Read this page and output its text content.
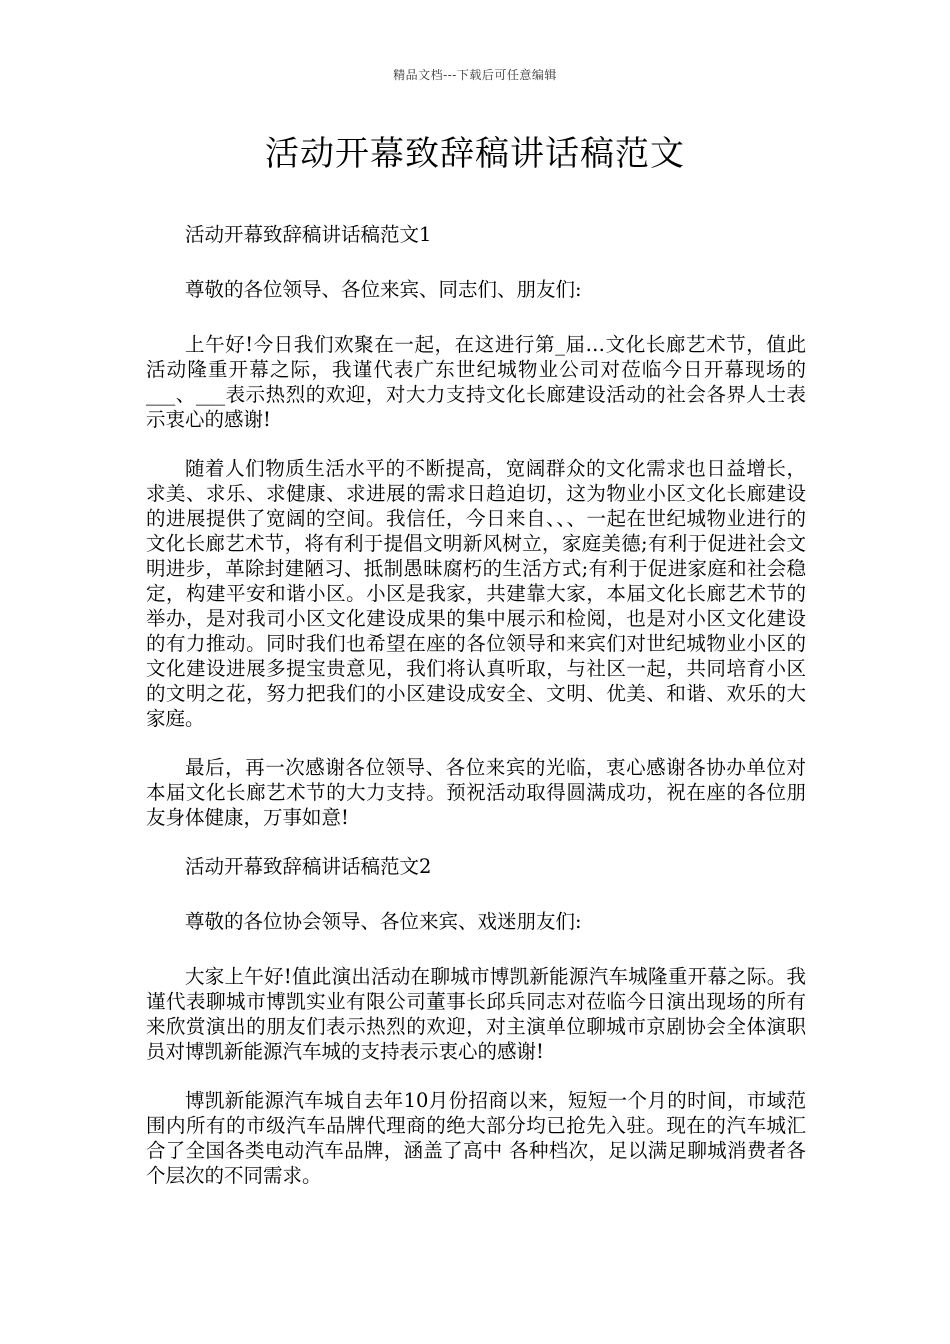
精品文档---下载后可任意编辑
活动开幕致辞稿讲话稿范文

活动开幕致辞稿讲话稿范文1

尊敬的各位领导、各位来宾、同志们、朋友们:

上午好!今日我们欢聚在一起，在这进行第_届…文化长廊艺术节，值此活动隆重开幕之际，我谨代表广东世纪城物业公司对莅临今日开幕现场的___、___表示热烈的欢迎，对大力支持文化长廊建设活动的社会各界人士表示衷心的感谢!

随着人们物质生活水平的不断提高，宽阔群众的文化需求也日益增长，求美、求乐、求健康、求进展的需求日趋迫切，这为物业小区文化长廊建设的进展提供了宽阔的空间。我信任，今日来自、、、一起在世纪城物业进行的文化长廊艺术节，将有利于提倡文明新风树立，家庭美德;有利于促进社会文明进步，革除封建陋习、抵制愚昧腐朽的生活方式;有利于促进家庭和社会稳定，构建平安和谐小区。小区是我家，共建靠大家，本届文化长廊艺术节的举办，是对我司小区文化建设成果的集中展示和检阅，也是对小区文化建设的有力推动。同时我们也希望在座的各位领导和来宾们对世纪城物业小区的文化建设进展多提宝贵意见，我们将认真听取，与社区一起，共同培育小区的文明之花，努力把我们的小区建设成安全、文明、优美、和谐、欢乐的大家庭。

最后，再一次感谢各位领导、各位来宾的光临，衷心感谢各协办单位对本届文化长廊艺术节的大力支持。预祝活动取得圆满成功，祝在座的各位朋友身体健康，万事如意!

活动开幕致辞稿讲话稿范文2

尊敬的各位协会领导、各位来宾、戏迷朋友们:

大家上午好!值此演出活动在聊城市博凯新能源汽车城隆重开幕之际。我谨代表聊城市博凯实业有限公司董事长邱兵同志对莅临今日演出现场的所有来欣赏演出的朋友们表示热烈的欢迎，对主演单位聊城市京剧协会全体演职员对博凯新能源汽车城的支持表示衷心的感谢!

博凯新能源汽车城自去年10月份招商以来，短短一个月的时间，市域范围内所有的市级汽车品牌代理商的绝大部分均已抢先入驻。现在的汽车城汇合了全国各类电动汽车品牌，涵盖了高中 各种档次，足以满足聊城消费者各个层次的不同需求。
